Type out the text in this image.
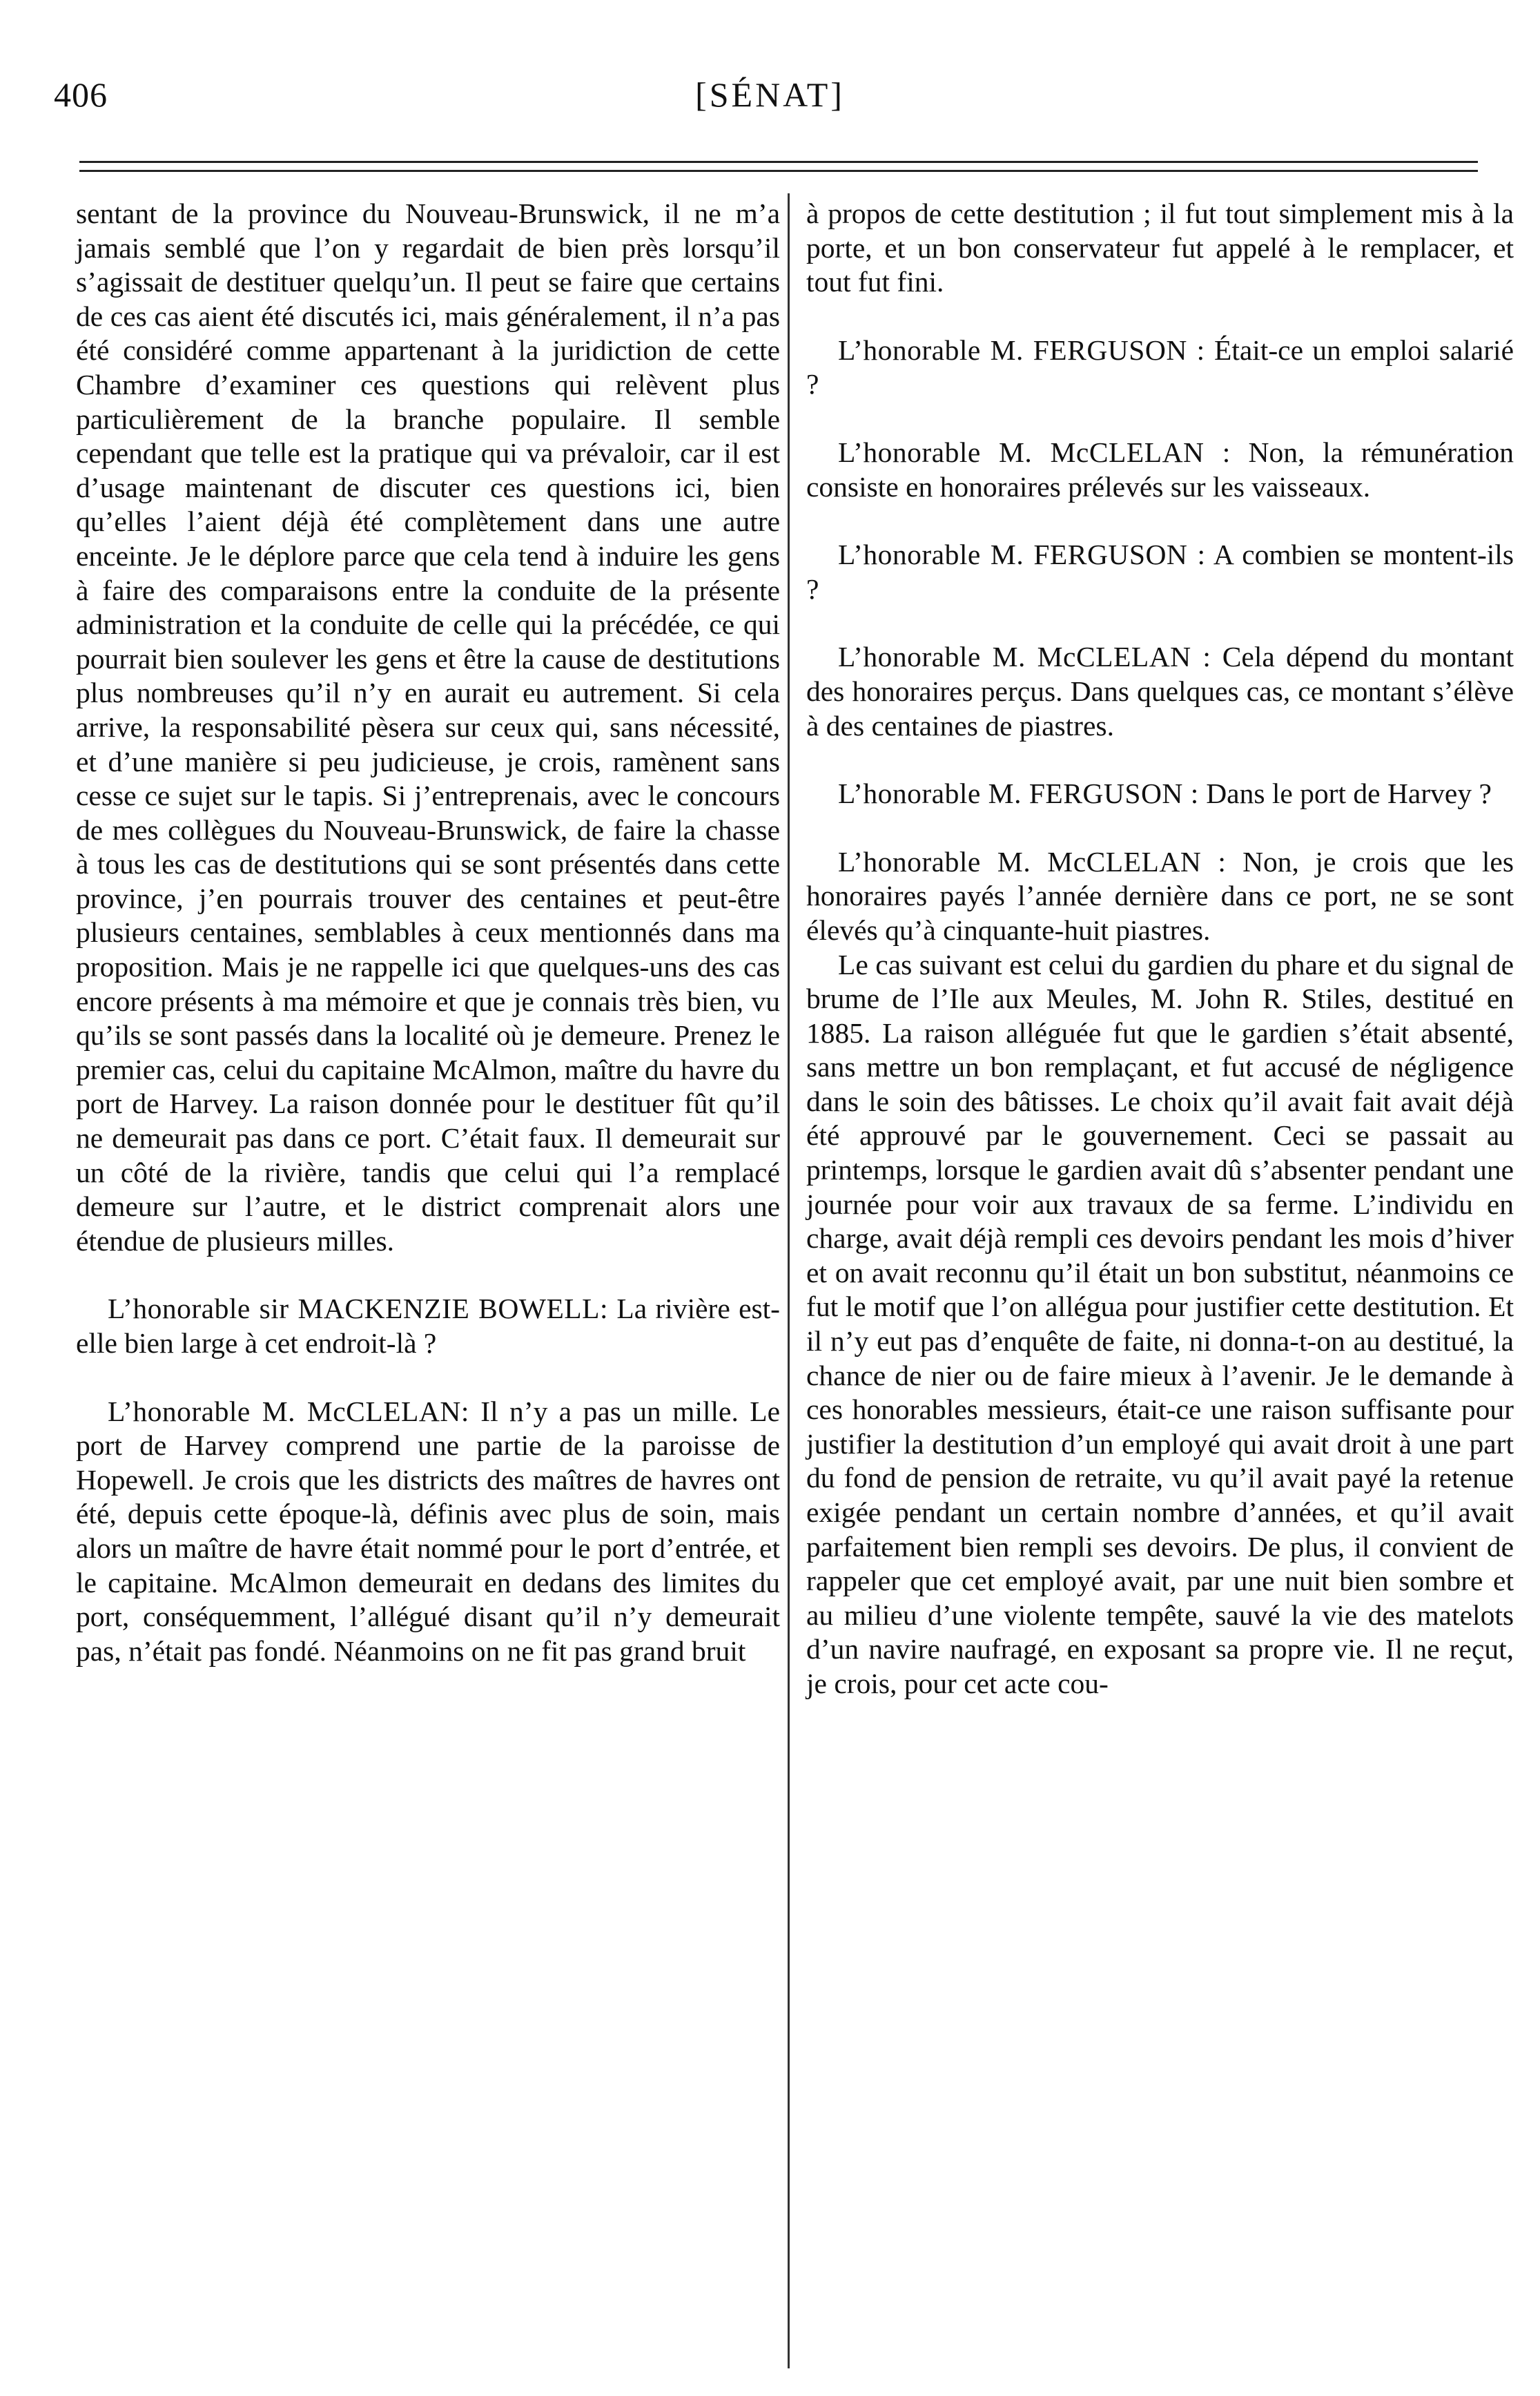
406	[SÉNAT]

sentant de la province du Nouveau-Brunswick, il ne m’a jamais semblé que l’on y regardait de bien près lorsqu’il s’agissait de destituer quelqu’un. Il peut se faire que certains de ces cas aient été discutés ici, mais généralement, il n’a pas été considéré comme appartenant à la juridiction de cette Chambre d’examiner ces questions qui relèvent plus particulièrement de la branche populaire. Il semble cependant que telle est la pratique qui va prévaloir, car il est d’usage maintenant de discuter ces questions ici, bien qu’elles l’aient déjà été complètement dans une autre enceinte. Je le déplore parce que cela tend à induire les gens à faire des comparaisons entre la conduite de la présente administration et la conduite de celle qui la précédée, ce qui pourrait bien soulever les gens et être la cause de destitutions plus nombreuses qu’il n’y en aurait eu autrement. Si cela arrive, la responsabilité pèsera sur ceux qui, sans nécessité, et d’une manière si peu judicieuse, je crois, ramènent sans cesse ce sujet sur le tapis. Si j’entreprenais, avec le concours de mes collègues du Nouveau-Brunswick, de faire la chasse à tous les cas de destitutions qui se sont présentés dans cette province, j’en pourrais trouver des centaines et peut-être plusieurs centaines, semblables à ceux mentionnés dans ma proposition. Mais je ne rappelle ici que quelques-uns des cas encore présents à ma mémoire et que je connais très bien, vu qu’ils se sont passés dans la localité où je demeure. Prenez le premier cas, celui du capitaine McAlmon, maître du havre du port de Harvey. La raison donnée pour le destituer fût qu’il ne demeurait pas dans ce port. C’était faux. Il demeurait sur un côté de la rivière, tandis que celui qui l’a remplacé demeure sur l’autre, et le district comprenait alors une étendue de plusieurs milles.

L’honorable sir MACKENZIE BOWELL: La rivière est-elle bien large à cet endroit-là ?

L’honorable M. McCLELAN: Il n’y a pas un mille. Le port de Harvey comprend une partie de la paroisse de Hopewell. Je crois que les districts des maîtres de havres ont été, depuis cette époque-là, définis avec plus de soin, mais alors un maître de havre était nommé pour le port d’entrée, et le capitaine. McAlmon demeurait en dedans des limites du port, conséquemment, l’allégué disant qu’il n’y demeurait pas, n’était pas fondé. Néanmoins on ne fit pas grand bruit

à propos de cette destitution ; il fut tout simplement mis à la porte, et un bon conservateur fut appelé à le remplacer, et tout fut fini.

L’honorable M. FERGUSON : Était-ce un emploi salarié ?

L’honorable M. McCLELAN : Non, la rémunération consiste en honoraires prélevés sur les vaisseaux.

L’honorable M. FERGUSON : A combien se montent-ils ?

L’honorable M. McCLELAN : Cela dépend du montant des honoraires perçus. Dans quelques cas, ce montant s’élève à des centaines de piastres.

L’honorable M. FERGUSON : Dans le port de Harvey ?

L’honorable M. McCLELAN : Non, je crois que les honoraires payés l’année dernière dans ce port, ne se sont élevés qu’à cinquante-huit piastres.

Le cas suivant est celui du gardien du phare et du signal de brume de l’Ile aux Meules, M. John R. Stiles, destitué en 1885. La raison alléguée fut que le gardien s’était absenté, sans mettre un bon remplaçant, et fut accusé de négligence dans le soin des bâtisses. Le choix qu’il avait fait avait déjà été approuvé par le gouvernement. Ceci se passait au printemps, lorsque le gardien avait dû s’absenter pendant une journée pour voir aux travaux de sa ferme. L’individu en charge, avait déjà rempli ces devoirs pendant les mois d’hiver et on avait reconnu qu’il était un bon substitut, néanmoins ce fut le motif que l’on allégua pour justifier cette destitution. Et il n’y eut pas d’enquête de faite, ni donna-t-on au destitué, la chance de nier ou de faire mieux à l’avenir. Je le demande à ces honorables messieurs, était-ce une raison suffisante pour justifier la destitution d’un employé qui avait droit à une part du fond de pension de retraite, vu qu’il avait payé la retenue exigée pendant un certain nombre d’années, et qu’il avait parfaitement bien rempli ses devoirs. De plus, il convient de rappeler que cet employé avait, par une nuit bien sombre et au milieu d’une violente tempête, sauvé la vie des matelots d’un navire naufragé, en exposant sa propre vie. Il ne reçut, je crois, pour cet acte cou-
